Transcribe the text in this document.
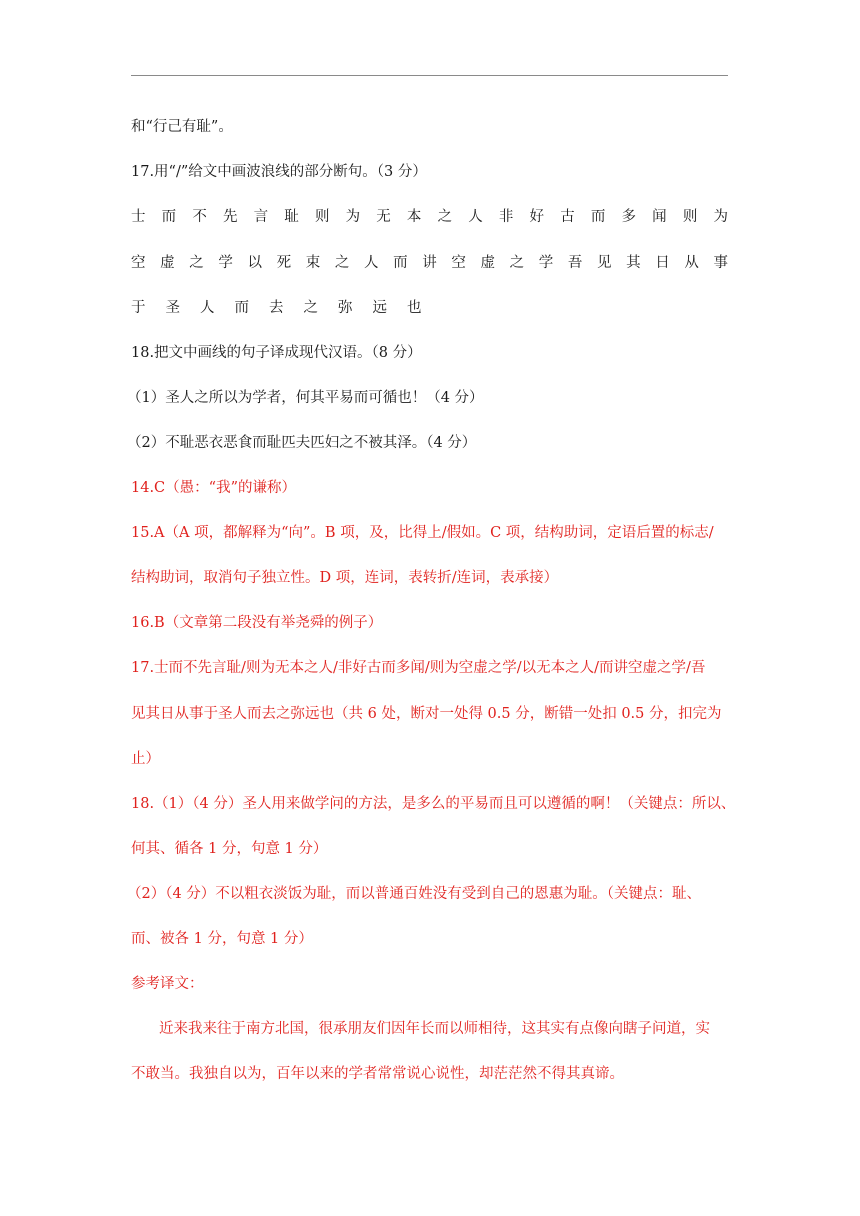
和“行己有耻”。
17.用“/”给文中画波浪线的部分断句。（3 分）
士 而 不 先 言 耻 则 为 无 本 之 人 非 好 古 而 多 闻 则 为
空 虚 之 学 以 死 束 之 人 而 讲 空 虚 之 学 吾 见 其 日 从 事
于 圣 人 而 去 之 弥 远 也
18.把文中画线的句子译成现代汉语。（8 分）
（1）圣人之所以为学者，何其平易而可循也！（4 分）
（2）不耻恶衣恶食而耻匹夫匹妇之不被其泽。（4 分）
14.C（愚：“我”的谦称）
15.A（A 项，都解释为“向”。B 项，及，比得上/假如。C 项，结构助词，定语后置的标志/
结构助词，取消句子独立性。D 项，连词，表转折/连词，表承接）
16.B（文章第二段没有举尧舜的例子）
17.士而不先言耻/则为无本之人/非好古而多闻/则为空虚之学/以无本之人/而讲空虚之学/吾
见其日从事于圣人而去之弥远也（共 6 处，断对一处得 0.5 分，断错一处扣 0.5 分，扣完为
止）
18.（1）（4 分）圣人用来做学问的方法，是多么的平易而且可以遵循的啊！（关键点：所以、
何其、循各 1 分，句意 1 分）
（2）（4 分）不以粗衣淡饭为耻，而以普通百姓没有受到自己的恩惠为耻。（关键点：耻、
而、被各 1 分，句意 1 分）
参考译文：
近来我来往于南方北国，很承朋友们因年长而以师相待，这其实有点像向瞎子问道，实
不敢当。我独自以为，百年以来的学者常常说心说性，却茫茫然不得其真谛。
